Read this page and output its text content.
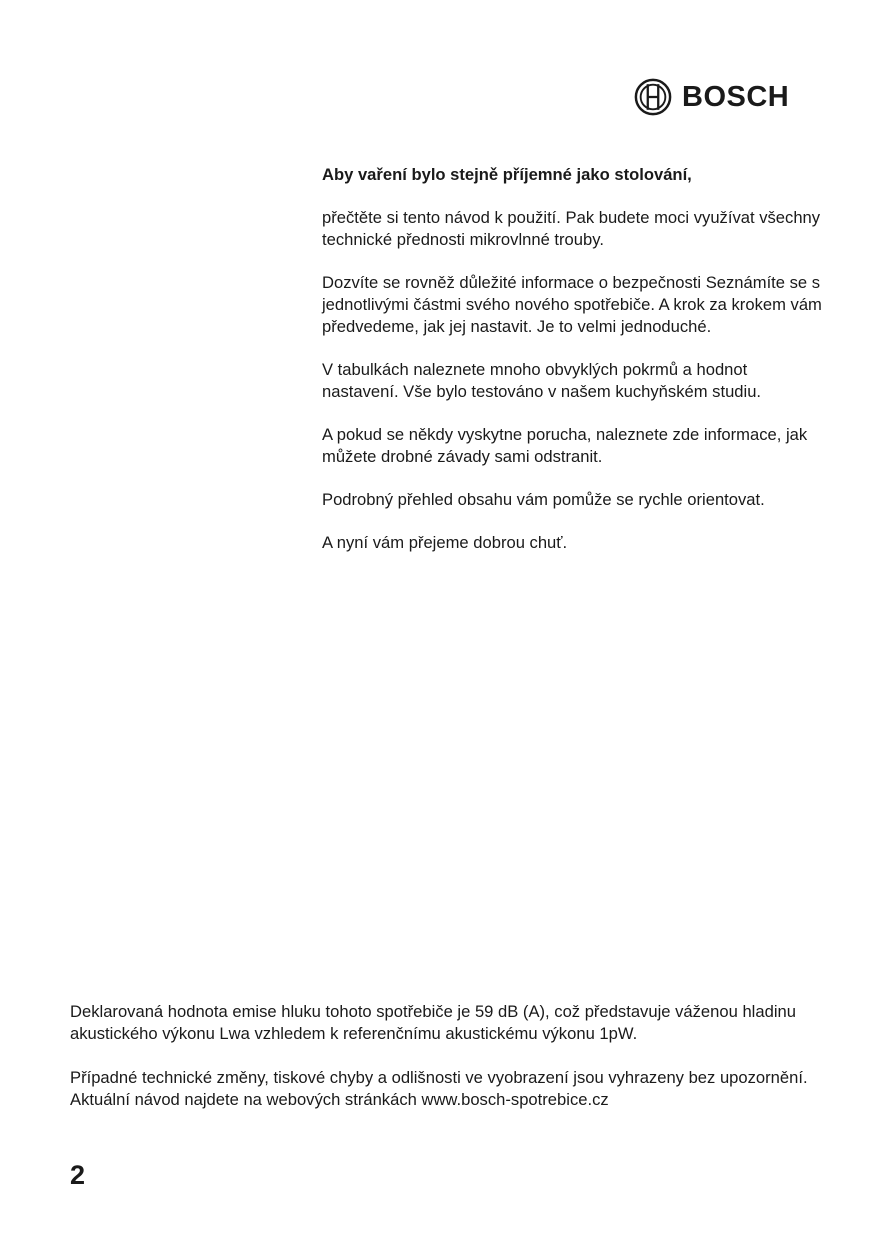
BOSCH

Aby vaření bylo stejně příjemné jako stolování,

přečtěte si tento návod k použití. Pak budete moci využívat všechny technické přednosti mikrovlnné trouby.

Dozvíte se rovněž důležité informace o bezpečnosti Seznámíte se s jednotlivými částmi svého nového spotřebiče. A krok za krokem vám předvedeme, jak jej nastavit. Je to velmi jednoduché.

V tabulkách naleznete mnoho obvyklých pokrmů a hodnot nastavení. Vše bylo testováno v našem kuchyňském studiu.

A pokud se někdy vyskytne porucha, naleznete zde informace, jak můžete drobné závady sami odstranit.

Podrobný přehled obsahu vám pomůže se rychle orientovat.

A nyní vám přejeme dobrou chuť.

Deklarovaná hodnota emise hluku tohoto spotřebiče je 59 dB (A), což představuje váženou hladinu akustického výkonu Lwa vzhledem k referenčnímu akustickému výkonu 1pW.

Případné technické změny, tiskové chyby a odlišnosti ve vyobrazení jsou vyhrazeny bez upozornění. Aktuální návod najdete na webových stránkách www.bosch-spotrebice.cz

2
